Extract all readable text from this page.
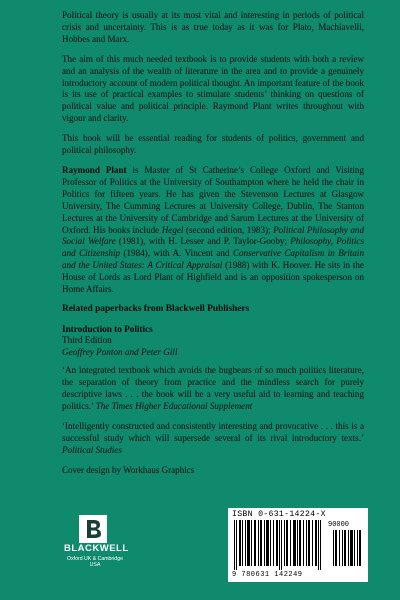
Political theory is usually at its most vital and interesting in periods of political crisis and uncertainty. This is as true today as it was for Plato, Machiavelli, Hobbes and Marx.

The aim of this much needed textbook is to provide students with both a review and an analysis of the wealth of literature in the area and to provide a genuinely introductory account of modern political thought. An important feature of the book is its use of practical examples to stimulate students’ thinking on questions of political value and political principle. Raymond Plant writes throughout with vigour and clarity.

This book will be essential reading for students of politics, government and political philosophy.

Raymond Plant is Master of St Catherine’s College Oxford and Visiting Professor of Politics at the University of Southampton where he held the chair in Politics for fifteen years. He has given the Stevenson Lectures at Glasgow University, The Cumming Lectures at University College, Dublin, The Stanton Lectures at the University of Cambridge and Sarum Lectures at the University of Oxford. His books include Hegel (second edition, 1983); Political Philosophy and Social Welfare (1981), with H. Lesser and P. Taylor-Gooby; Philosophy, Politics and Citizenship (1984), with A. Vincent and Conservative Capitalism in Britain and the United States: A Critical Appraisal (1988) with K. Hoover. He sits in the House of Lords as Lord Plant of Highfield and is an opposition spokesperson on Home Affairs.

Related paperbacks from Blackwell Publishers

Introduction to Politics

Third Edition

Geoffrey Ponton and Peter Gill

‘An integrated textbook which avoids the bugbears of so much politics literature, the separation of theory from practice and the mindless search for purely descriptive laws . . . the book will be a very useful aid to learning and teaching politics.’ The Times Higher Educational Supplement

‘Intelligently constructed and consistently interesting and provocative . . . this is a successful study which will supersede several of its rival introductory texts.’ Political Studies

Cover design by Workhaus Graphics

BLACKWELL
Oxford UK & Cambridge USA
ISBN 0-631-14224-X
90000
9 780631 142249
